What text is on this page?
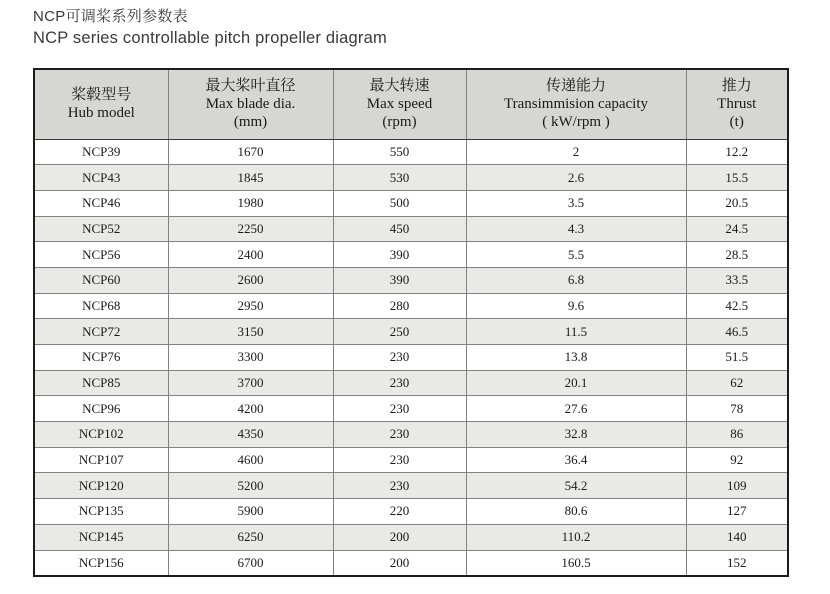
NCP可调桨系列参数表
NCP series controllable pitch propeller diagram
桨毂型号
Hub model	最大桨叶直径
Max blade dia.
(mm)	最大转速
Max speed
(rpm)	传递能力
Transimmision capacity
( kW/rpm )	推力
Thrust
(t)

NCP39	1670	550	2	12.2
NCP43	1845	530	2.6	15.5
NCP46	1980	500	3.5	20.5
NCP52	2250	450	4.3	24.5
NCP56	2400	390	5.5	28.5
NCP60	2600	390	6.8	33.5
NCP68	2950	280	9.6	42.5
NCP72	3150	250	11.5	46.5
NCP76	3300	230	13.8	51.5
NCP85	3700	230	20.1	62
NCP96	4200	230	27.6	78
NCP102	4350	230	32.8	86
NCP107	4600	230	36.4	92
NCP120	5200	230	54.2	109
NCP135	5900	220	80.6	127
NCP145	6250	200	110.2	140
NCP156	6700	200	160.5	152
